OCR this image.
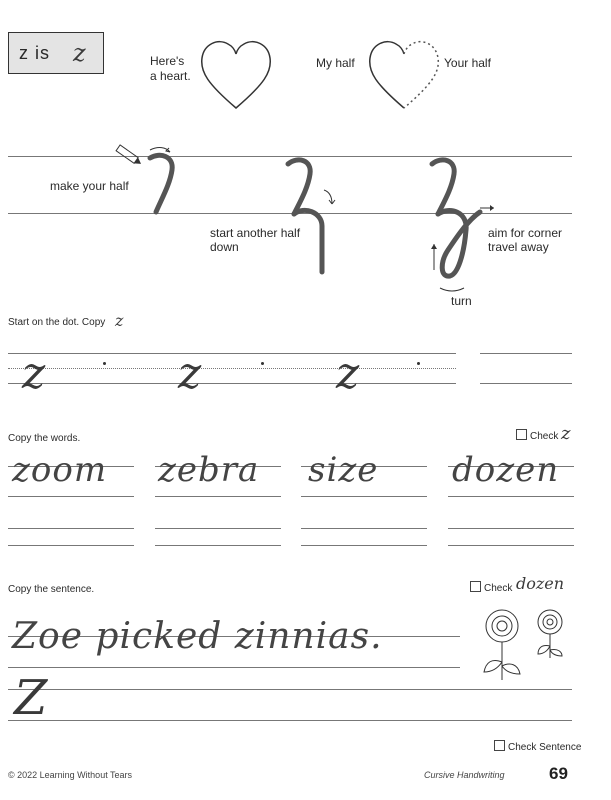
z is z	Here's
a heart.
My half	Your half
make your half
start another half
down
aim for corner
travel away
turn
Start on the dot. Copy z
z	z	z
Copy the words.	Check z
zoom zebra size dozen
Copy the sentence.	Check dozen
Zoe picked zinnias.
Z
Check Sentence
© 2022 Learning Without Tears	Cursive Handwriting	69
